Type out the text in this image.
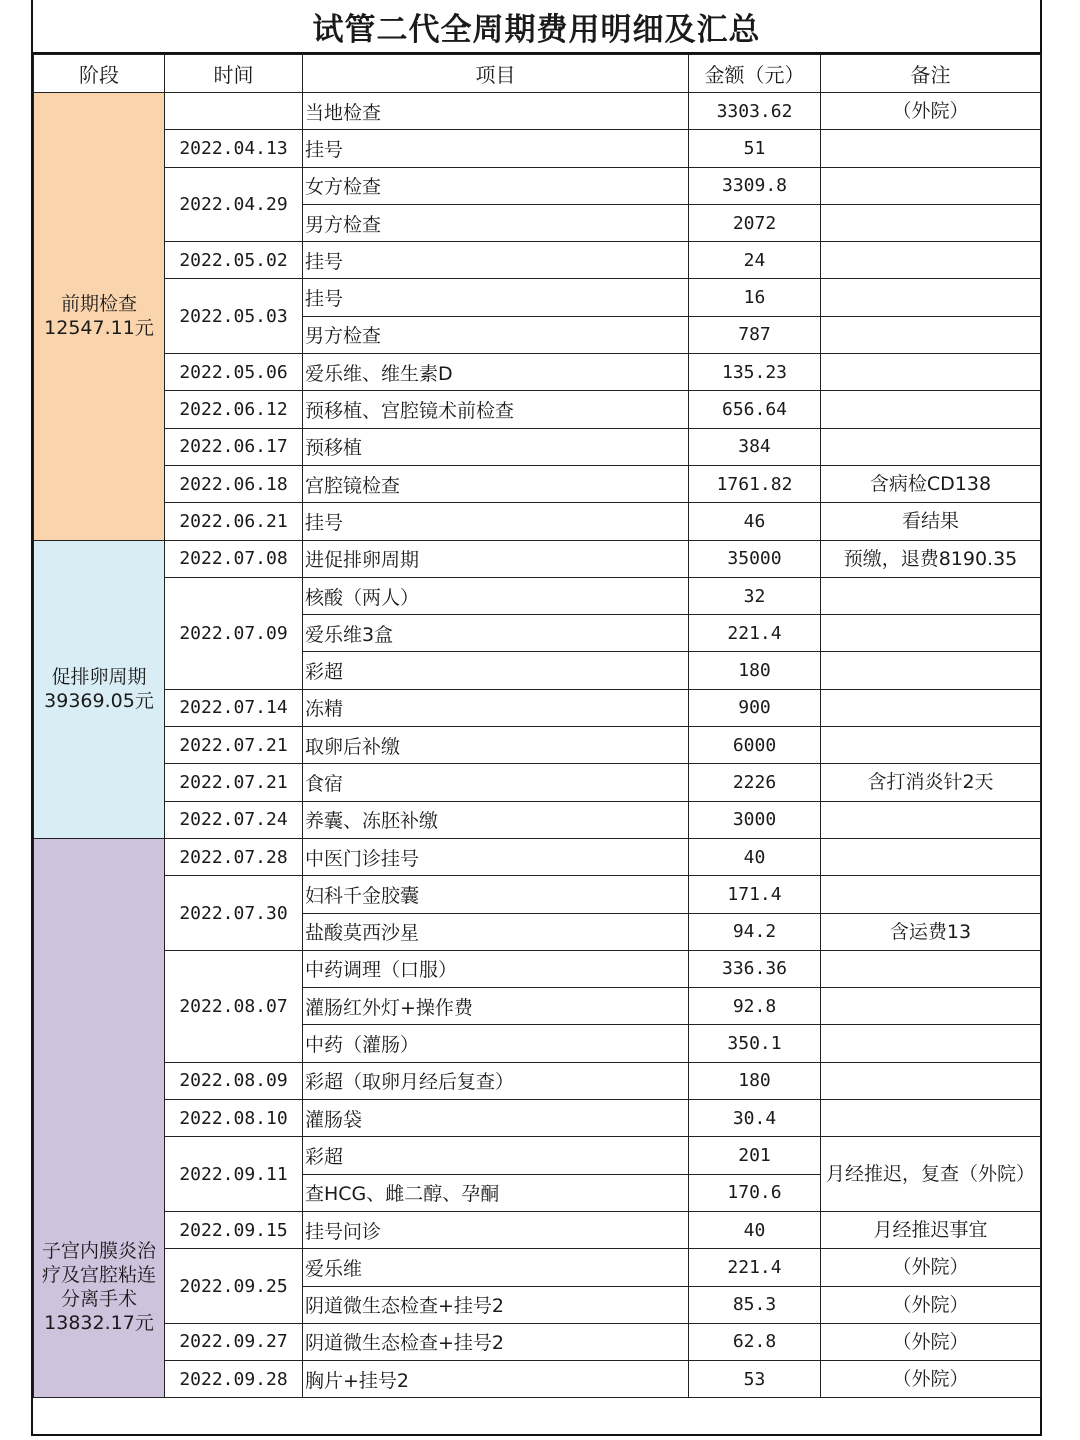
试管二代全周期费用明细及汇总
阶段	时间	项目	金额（元）	备注

前期检查
12547.11元		当地检查	3303.62	（外院）
	2022.04.13	挂号	51	
	2022.04.29	女方检查	3309.8	
		男方检查	2072	
	2022.05.02	挂号	24	
	2022.05.03	挂号	16	
		男方检查	787	
	2022.05.06	爱乐维、维生素D	135.23	
	2022.06.12	预移植、宫腔镜术前检查	656.64	
	2022.06.17	预移植	384	
	2022.06.18	宫腔镜检查	1761.82	含病检CD138
	2022.06.21	挂号	46	看结果

促排卵周期
39369.05元	2022.07.08	进促排卵周期	35000	预缴，退费8190.35
	2022.07.09	核酸（两人）	32	
		爱乐维3盒	221.4	
		彩超	180	
	2022.07.14	冻精	900	
	2022.07.21	取卵后补缴	6000	
	2022.07.21	食宿	2226	含打消炎针2天
	2022.07.24	养囊、冻胚补缴	3000	

子宫内膜炎治疗及宫腔粘连分离手术
13832.17元	2022.07.28	中医门诊挂号	40	
	2022.07.30	妇科千金胶囊	171.4	
		盐酸莫西沙星	94.2	含运费13
	2022.08.07	中药调理（口服）	336.36	
		灌肠红外灯+操作费	92.8	
		中药（灌肠）	350.1	
	2022.08.09	彩超（取卵月经后复查）	180	
	2022.08.10	灌肠袋	30.4	
	2022.09.11	彩超	201	月经推迟，复查（外院）
		查HCG、雌二醇、孕酮	170.6	
	2022.09.15	挂号问诊	40	月经推迟事宜
	2022.09.25	爱乐维	221.4	（外院）
		阴道微生态检查+挂号2	85.3	（外院）
	2022.09.27	阴道微生态检查+挂号2	62.8	（外院）
	2022.09.28	胸片+挂号2	53	（外院）
